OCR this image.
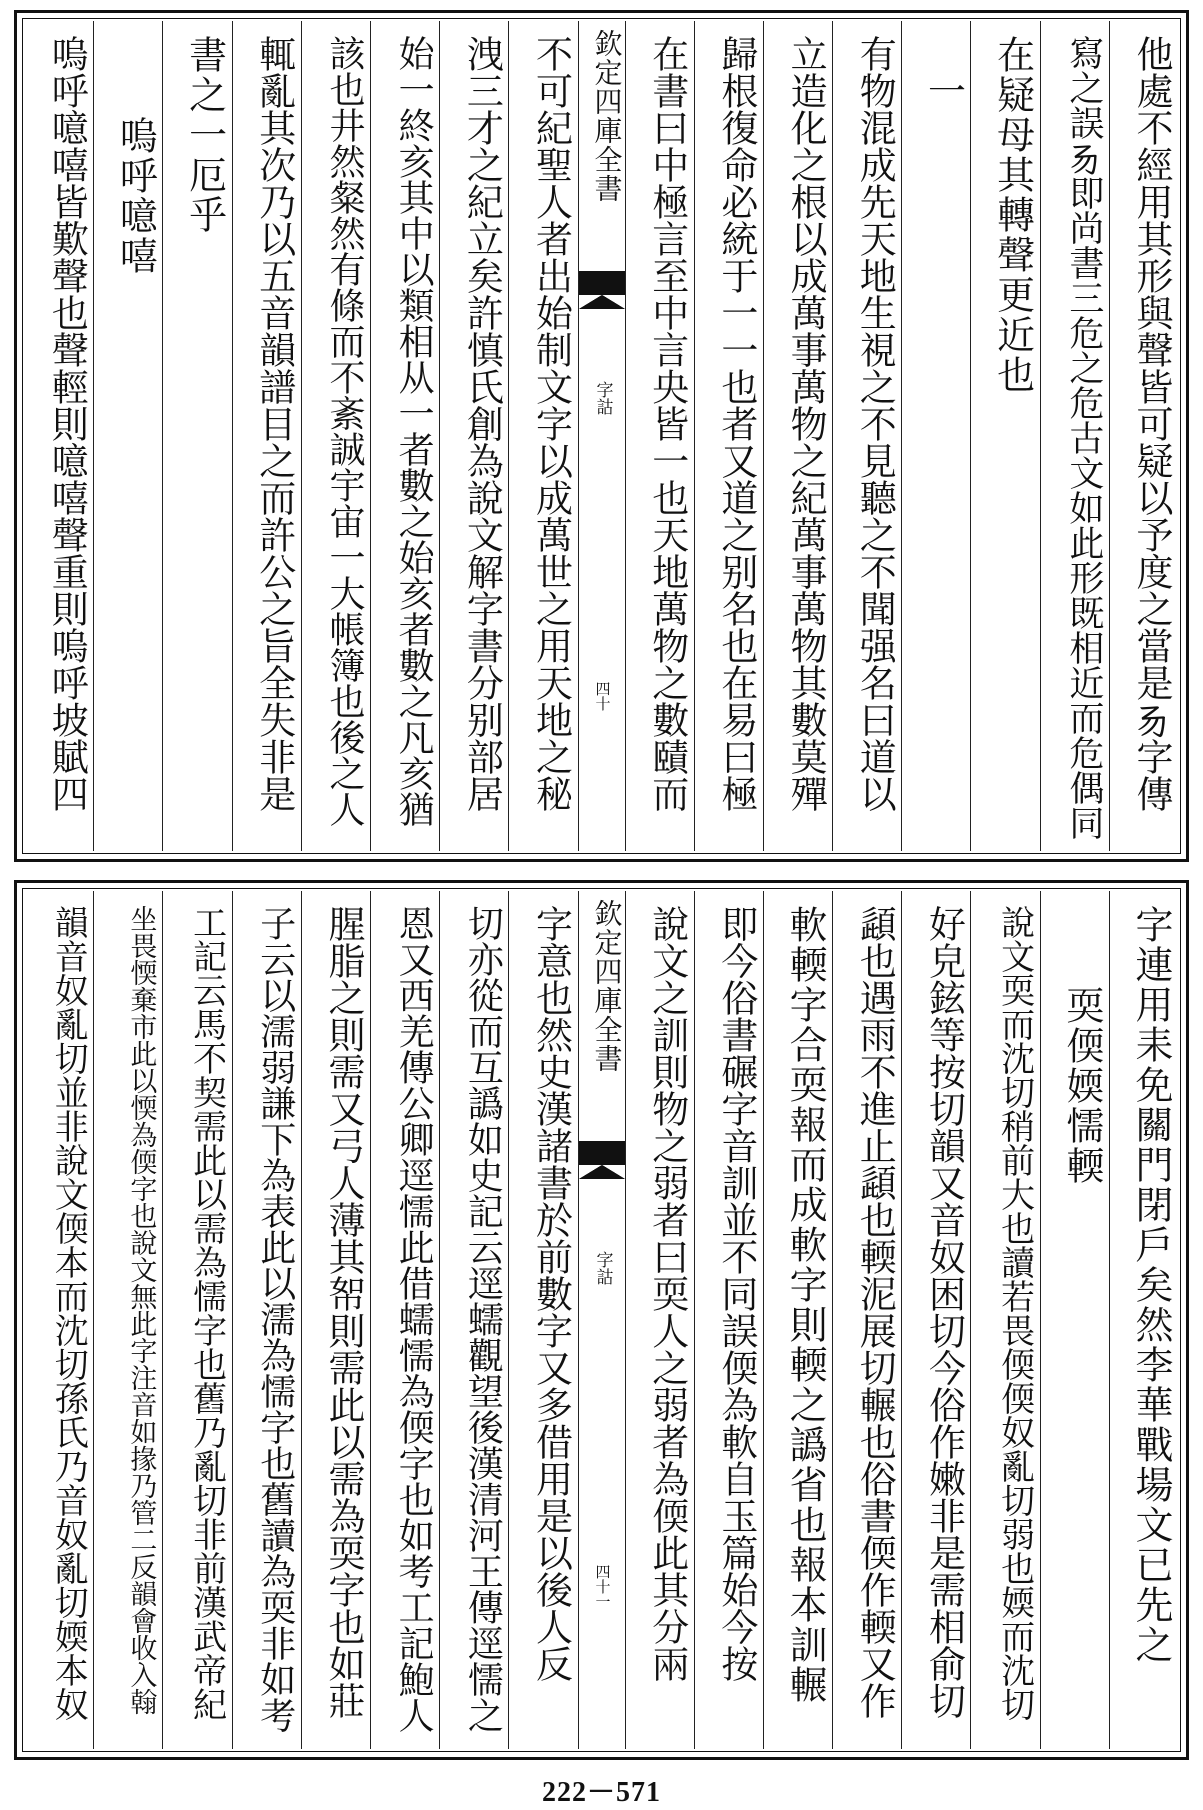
他處不經用其形與聲皆可疑以予度之當是𠃓字傳
寫之誤𠃓即尚書三危之危古文如此形既相近而危偶同
在疑母其轉聲更近也
一
有物混成先天地生視之不見聽之不聞强名曰道以
立造化之根以成萬事萬物之紀萬事萬物其數莫殫
歸根復命必統于一一也者又道之别名也在易曰極
在書曰中極言至中言央皆一也天地萬物之數賾而
欽定四庫全書
字詁
四十
不可紀聖人者出始制文字以成萬世之用天地之秘
洩三才之紀立矣許慎氏創為說文解字書分别部居
始一終亥其中以類相从一者數之始亥者數之凡亥猶
該也井然粲然有條而不紊誠宇宙一大帳簿也後之人
輒亂其次乃以五音韻譜目之而許公之旨全失非是
書之一厄乎
嗚呼噫嘻
嗚呼噫嘻皆歎聲也聲輕則噫嘻聲重則嗚呼坡賦四
字連用耒免關門閉戶矣然李華戰場文已先之
耎偄媆懦輭
說文耎而沈切稍前大也讀若畏偄偄奴亂切弱也媆而沈切
好皃鉉等按切韻又音奴困切今俗作嫩非是需相俞切
頿也遇雨不進止頿也輭泥展切輾也俗書偄作輭又作
軟輭字合耎報而成軟字則輭之譌省也報本訓輾
即今俗書碾字音訓並不同誤偄為軟自玉篇始今按
說文之訓則物之弱者曰耎人之弱者為偄此其分兩
欽定四庫全書
字詁
四十一
字意也然史漢諸書於前數字又多借用是以後人反
切亦從而互譌如史記云逕蠕觀望後漢清河王傳逕懦之
恩又西羌傳公卿逕懦此借蠕懦為偄字也如考工記鮑人
腥脂之則需又弓人薄其帤則需此以需為耎字也如莊
子云以濡弱謙下為表此以濡為懦字也舊讀為耎非如考
工記云馬不契需此以需為懦字也舊乃亂切非前漢武帝紀
坐畏愞棄市此以愞為偄字也說文無此字注音如掾乃管二反韻會收入翰
韻音奴亂切並非說文偄本而沈切孫氏乃音奴亂切媆本奴
222－571
